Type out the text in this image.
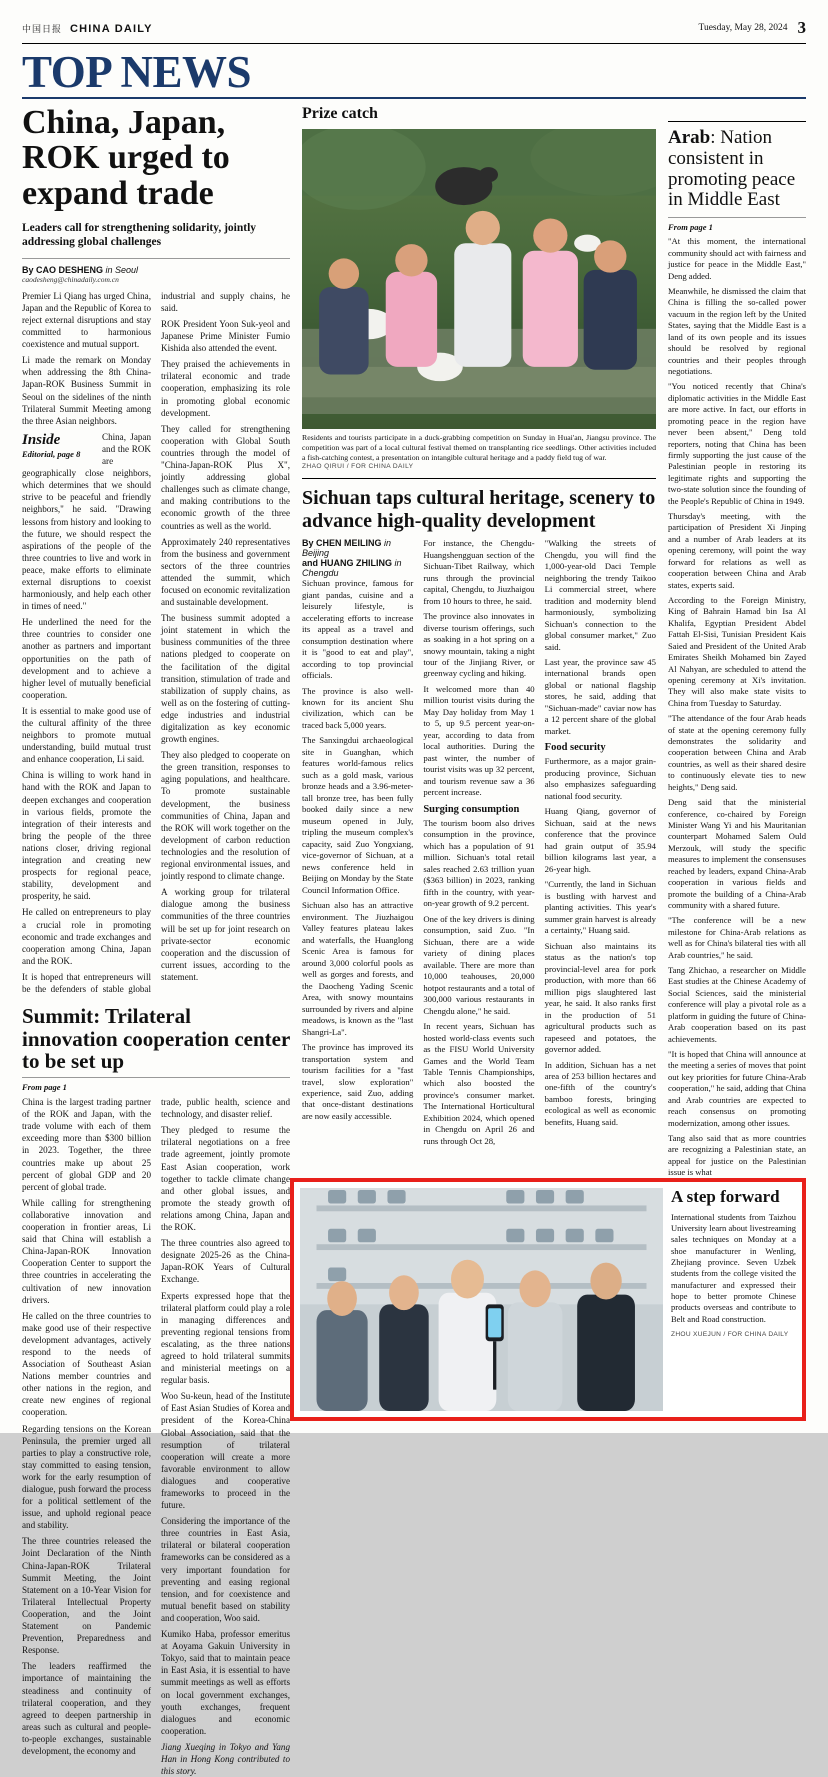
中国日报 CHINA DAILY	Tuesday, May 28, 2024 3
TOP NEWS
China, Japan, ROK urged to expand trade
Leaders call for strengthening solidarity, jointly addressing global challenges
By CAO DESHENG in Seoul
caodesheng@chinadaily.com.cn

Premier Li Qiang has urged China, Japan and the Republic of Korea to reject external disruptions and stay committed to harmonious coexistence and mutual support.

Li made the remark on Monday when addressing the 8th China-Japan-ROK Business Summit in Seoul on the sidelines of the ninth Trilateral Summit Meeting among the three Asian neighbors.

Inside
Editorial, page 8

China, Japan and the ROK are geographically close neighbors, which determines that we should strive to be peaceful and friendly neighbors," he said. "Drawing lessons from history and looking to the future, we should respect the aspirations of the people of the three countries to live and work in peace, make efforts to eliminate external disruptions to coexist harmoniously, and help each other in times of need."

He underlined the need for the three countries to consider one another as partners and important opportunities on the path of development and to achieve a higher level of mutually beneficial cooperation.

It is essential to make good use of the cultural affinity of the three neighbors to promote mutual understanding, build mutual trust and enhance cooperation, Li said.

China is willing to work hand in hand with the ROK and Japan to deepen exchanges and cooperation in various fields, promote the integration of their interests and bring the people of the three nations closer, driving regional integration and creating new prospects for regional peace, stability, development and prosperity, he said.

He called on entrepreneurs to play a crucial role in promoting economic and trade exchanges and cooperation among China, Japan and the ROK.

It is hoped that entrepreneurs will be the defenders of stable global industrial and supply chains, he said.

ROK President Yoon Suk-yeol and Japanese Prime Minister Fumio Kishida also attended the event.

They praised the achievements in trilateral economic and trade cooperation, emphasizing its role in promoting global economic development.

They called for strengthening cooperation with Global South countries through the model of "China-Japan-ROK Plus X", jointly addressing global challenges such as climate change, and making contributions to the economic growth of the three countries as well as the world.

Approximately 240 representatives from the business and government sectors of the three countries attended the summit, which focused on economic revitalization and sustainable development.

The business summit adopted a joint statement in which the business communities of the three nations pledged to cooperate on the facilitation of the digital transition, stimulation of trade and stabilization of supply chains, as well as on the fostering of cutting-edge industries and industrial digitalization as key economic growth engines.

They also pledged to cooperate on the green transition, responses to aging populations, and healthcare. To promote sustainable development, the business communities of China, Japan and the ROK will work together on the development of carbon reduction technologies and the resolution of regional environmental issues, and jointly respond to climate change.

A working group for trilateral dialogue among the business communities of the three countries will be set up for joint research on private-sector economic cooperation and the discussion of current issues, according to the statement.

Summit: Trilateral innovation cooperation center to be set up
From page 1

China is the largest trading partner of the ROK and Japan, with the trade volume with each of them exceeding more than $300 billion in 2023. Together, the three countries make up about 25 percent of global GDP and 20 percent of global trade.

While calling for strengthening collaborative innovation and cooperation in frontier areas, Li said that China will establish a China-Japan-ROK Innovation Cooperation Center to support the three countries in accelerating the cultivation of new innovation drivers.

He called on the three countries to make good use of their respective development advantages, actively respond to the needs of Association of Southeast Asian Nations member countries and other nations in the region, and create new engines of regional cooperation.

Regarding tensions on the Korean Peninsula, the premier urged all parties to play a constructive role, stay committed to easing tension, work for the early resumption of dialogue, push forward the process for a political settlement of the issue, and uphold regional peace and stability.

The three countries released the Joint Declaration of the Ninth China-Japan-ROK Trilateral Summit Meeting, the Joint Statement on a 10-Year Vision for Trilateral Intellectual Property Cooperation, and the Joint Statement on Pandemic Prevention, Preparedness and Response.

The leaders reaffirmed the importance of maintaining the steadiness and continuity of trilateral cooperation, and they agreed to deepen partnership in areas such as cultural and people-to-people exchanges, sustainable development, the economy and

trade, public health, science and technology, and disaster relief.

They pledged to resume the trilateral negotiations on a free trade agreement, jointly promote East Asian cooperation, work together to tackle climate change and other global issues, and promote the steady growth of relations among China, Japan and the ROK.

The three countries also agreed to designate 2025-26 as the China-Japan-ROK Years of Cultural Exchange.

Experts expressed hope that the trilateral platform could play a role in managing differences and preventing regional tensions from escalating, as the three nations agreed to hold trilateral summits and ministerial meetings on a regular basis.

Woo Su-keun, head of the Institute of East Asian Studies of Korea and president of the Korea-China Global Association, said that the resumption of trilateral cooperation will create a more favorable environment to allow dialogues and cooperative frameworks to proceed in the future.

Considering the importance of the three countries in East Asia, trilateral or bilateral cooperation frameworks can be considered as a very important foundation for preventing and easing regional tension, and for coexistence and mutual benefit based on stability and cooperation, Woo said.

Kumiko Haba, professor emeritus at Aoyama Gakuin University in Tokyo, said that to maintain peace in East Asia, it is essential to have summit meetings as well as efforts on local government exchanges, youth exchanges, frequent dialogues and economic cooperation.

Jiang Xueqing in Tokyo and Yang Han in Hong Kong contributed to this story.

Prize catch
Residents and tourists participate in a duck-grabbing competition on Sunday in Huai'an, Jiangsu province. The competition was part of a local cultural festival themed on transplanting rice seedlings. Other activities included a fish-catching contest, a presentation on intangible cultural heritage and a paddy field tug of war.
ZHAO QIRUI / FOR CHINA DAILY
Sichuan taps cultural heritage, scenery to advance high-quality development
By CHEN MEILING in Beijing
and HUANG ZHILING in Chengdu

Sichuan province, famous for giant pandas, cuisine and a leisurely lifestyle, is accelerating efforts to increase its appeal as a travel and consumption destination where it is "good to eat and play", according to top provincial officials.

The province is also well-known for its ancient Shu civilization, which can be traced back 5,000 years.

The Sanxingdui archaeological site in Guanghan, which features world-famous relics such as a gold mask, various bronze heads and a 3.96-meter-tall bronze tree, has been fully booked daily since a new museum opened in July, tripling the museum complex's capacity, said Zuo Yongxiang, vice-governor of Sichuan, at a news conference held in Beijing on Monday by the State Council Information Office.

Sichuan also has an attractive environment. The Jiuzhaigou Valley features plateau lakes and waterfalls, the Huanglong Scenic Area is famous for around 3,000 colorful pools as well as gorges and forests, and the Daocheng Yading Scenic Area, with snowy mountains surrounded by rivers and alpine meadows, is known as the "last Shangri-La".

The province has improved its transportation system and tourism facilities for a "fast travel, slow exploration" experience, said Zuo, adding that once-distant destinations are now easily accessible.

For instance, the Chengdu-Huangshengguan section of the Sichuan-Tibet Railway, which runs through the provincial capital, Chengdu, to Jiuzhaigou from 10 hours to three, he said.

The province also innovates in diverse tourism offerings, such as soaking in a hot spring on a snowy mountain, taking a night tour of the Jinjiang River, or greenway cycling and hiking.

It welcomed more than 40 million tourist visits during the May Day holiday from May 1 to 5, up 9.5 percent year-on-year, according to data from local authorities. During the past winter, the number of tourist visits was up 32 percent, and tourism revenue saw a 36 percent increase.

Surging consumption

The tourism boom also drives consumption in the province, which has a population of 91 million. Sichuan's total retail sales reached 2.63 trillion yuan ($363 billion) in 2023, ranking fifth in the country, with year-on-year growth of 9.2 percent.

One of the key drivers is dining consumption, said Zuo. "In Sichuan, there are a wide variety of dining places available. There are more than 10,000 teahouses, 20,000 hotpot restaurants and a total of 300,000 various restaurants in Chengdu alone," he said.

In recent years, Sichuan has hosted world-class events such as the FISU World University Games and the World Team Table Tennis Championships, which also boosted the province's consumer market. The International Horticultural Exhibition 2024, which opened in Chengdu on April 26 and runs through Oct 28,

"Walking the streets of Chengdu, you will find the 1,000-year-old Daci Temple neighboring the trendy Taikoo Li commercial street, where tradition and modernity blend harmoniously, symbolizing Sichuan's connection to the global consumer market," Zuo said.

Last year, the province saw 45 international brands open global or national flagship stores, he said, adding that "Sichuan-made" caviar now has a 12 percent share of the global market.

Food security

Furthermore, as a major grain-producing province, Sichuan also emphasizes safeguarding national food security.

Huang Qiang, governor of Sichuan, said at the news conference that the province had grain output of 35.94 billion kilograms last year, a 26-year high.

"Currently, the land in Sichuan is bustling with harvest and planting activities. This year's summer grain harvest is already a certainty," Huang said.

Sichuan also maintains its status as the nation's top provincial-level area for pork production, with more than 66 million pigs slaughtered last year, he said. It also ranks first in the production of 51 agricultural products such as rapeseed and potatoes, the governor added.

In addition, Sichuan has a net area of 253 billion hectares and one-fifth of the country's bamboo forests, bringing ecological as well as economic benefits, Huang said.

Arab: Nation consistent in promoting peace in Middle East
From page 1

"At this moment, the international community should act with fairness and justice for peace in the Middle East," Deng added.

Meanwhile, he dismissed the claim that China is filling the so-called power vacuum in the region left by the United States, saying that the Middle East is a land of its own people and its issues should be resolved by regional countries and their peoples through negotiations.

"You noticed recently that China's diplomatic activities in the Middle East are more active. In fact, our efforts in promoting peace in the region have never been absent," Deng told reporters, noting that China has been firmly supporting the just cause of the Palestinian people in restoring its legitimate rights and supporting the two-state solution since the founding of the People's Republic of China in 1949.

Thursday's meeting, with the participation of President Xi Jinping and a number of Arab leaders at its opening ceremony, will point the way forward for relations as well as cooperation between China and Arab states, experts said.

According to the Foreign Ministry, King of Bahrain Hamad bin Isa Al Khalifa, Egyptian President Abdel Fattah El-Sisi, Tunisian President Kais Saied and President of the United Arab Emirates Sheikh Mohamed bin Zayed Al Nahyan, are scheduled to attend the opening ceremony at Xi's invitation. They will also make state visits to China from Tuesday to Saturday.

"The attendance of the four Arab heads of state at the opening ceremony fully demonstrates the solidarity and cooperation between China and Arab countries, as well as their shared desire to continuously elevate ties to new heights," Deng said.

Deng said that the ministerial conference, co-chaired by Foreign Minister Wang Yi and his Mauritanian counterpart Mohamed Salem Ould Merzouk, will study the specific measures to implement the consensuses reached by leaders, expand China-Arab cooperation in various fields and promote the building of a China-Arab community with a shared future.

"The conference will be a new milestone for China-Arab relations as well as for China's bilateral ties with all Arab countries," he said.

Tang Zhichao, a researcher on Middle East studies at the Chinese Academy of Social Sciences, said the ministerial conference will play a pivotal role as a platform in guiding the future of China-Arab cooperation based on its past achievements.

"It is hoped that China will announce at the meeting a series of moves that point out key priorities for future China-Arab cooperation," he said, adding that China and Arab countries are expected to reach consensus on promoting modernization, among other issues.

Tang also said that as more countries are recognizing a Palestinian state, an appeal for justice on the Palestinian issue is what

A step forward
International students from Taizhou University learn about livestreaming sales techniques on Monday at a shoe manufacturer in Wenling, Zhejiang province. Seven Uzbek students from the college visited the manufacturer and expressed their hope to better promote Chinese products overseas and contribute to Belt and Road construction.
ZHOU XUEJUN / FOR CHINA DAILY
